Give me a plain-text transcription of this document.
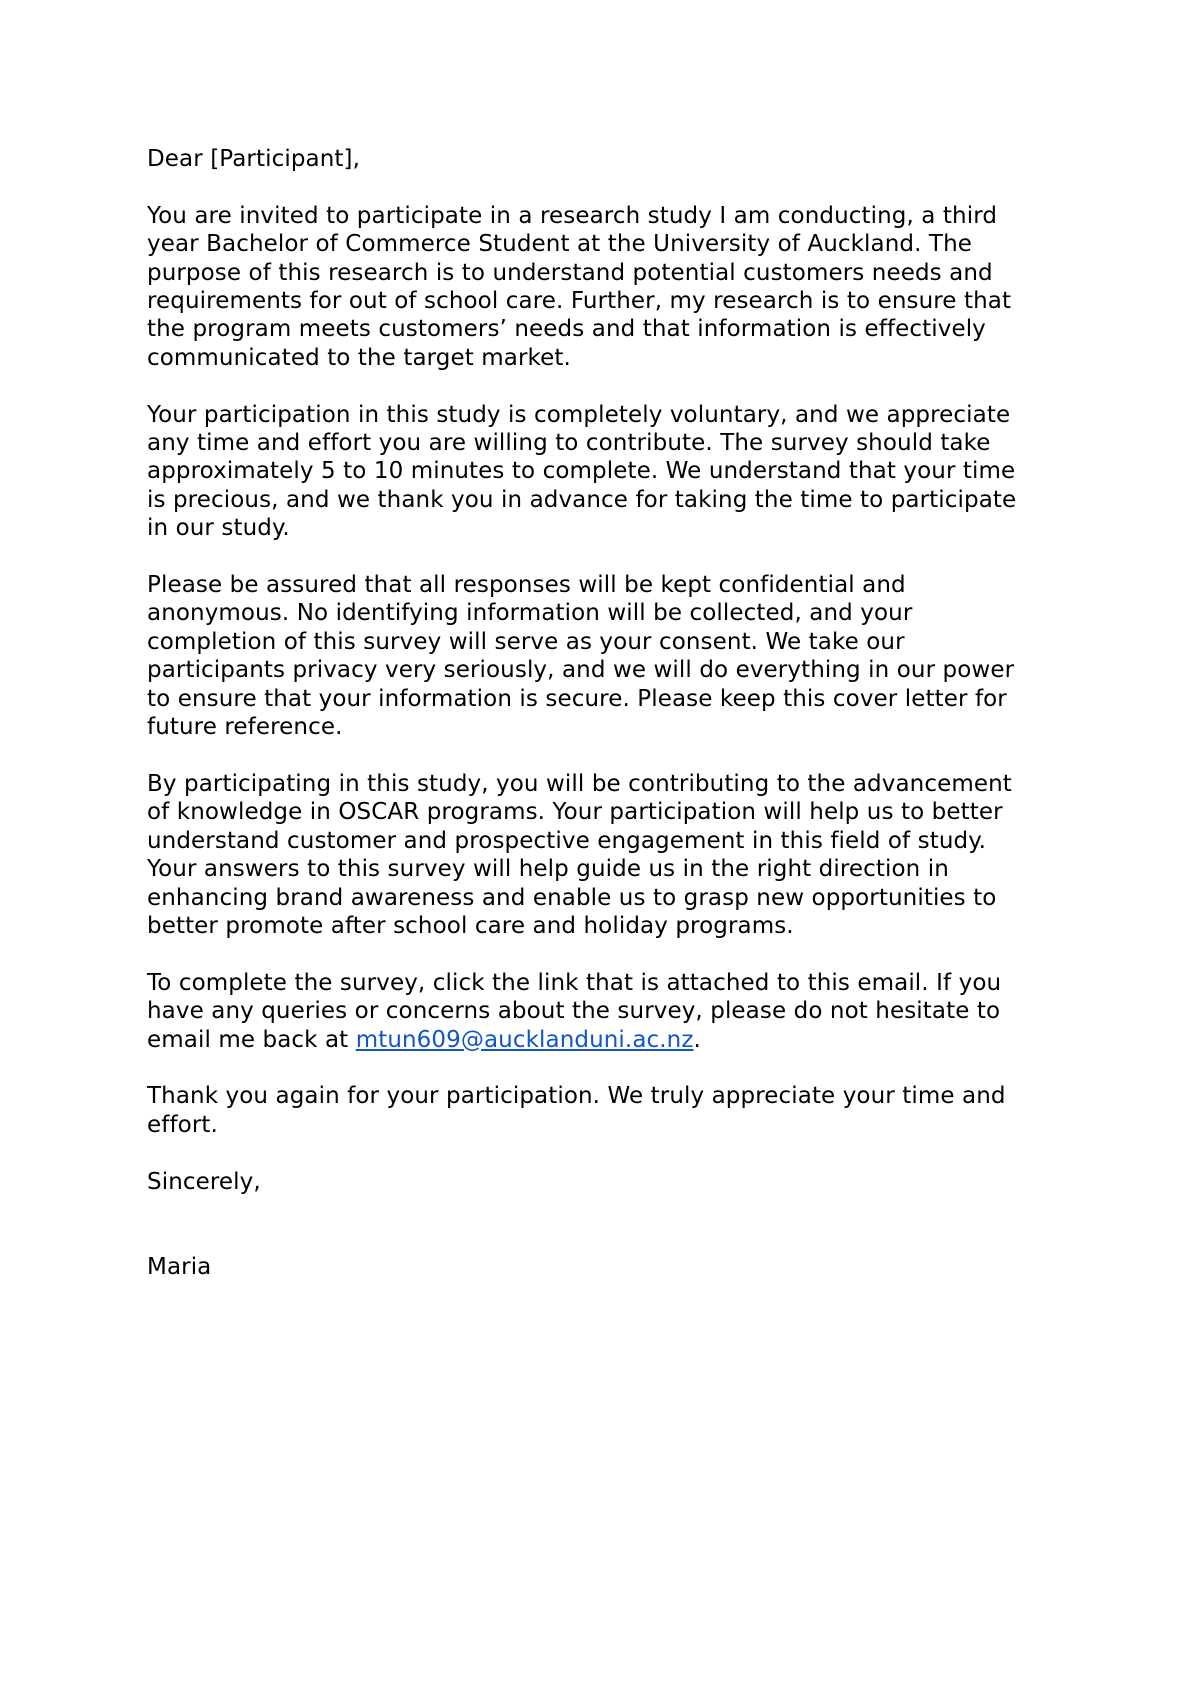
Dear [Participant],

You are invited to participate in a research study I am conducting, a third
year Bachelor of Commerce Student at the University of Auckland. The
purpose of this research is to understand potential customers needs and
requirements for out of school care. Further, my research is to ensure that
the program meets customers’ needs and that information is effectively
communicated to the target market.

Your participation in this study is completely voluntary, and we appreciate
any time and effort you are willing to contribute. The survey should take
approximately 5 to 10 minutes to complete. We understand that your time
is precious, and we thank you in advance for taking the time to participate
in our study.

Please be assured that all responses will be kept confidential and
anonymous. No identifying information will be collected, and your
completion of this survey will serve as your consent. We take our
participants privacy very seriously, and we will do everything in our power
to ensure that your information is secure. Please keep this cover letter for
future reference.

By participating in this study, you will be contributing to the advancement
of knowledge in OSCAR programs. Your participation will help us to better
understand customer and prospective engagement in this field of study.
Your answers to this survey will help guide us in the right direction in
enhancing brand awareness and enable us to grasp new opportunities to
better promote after school care and holiday programs.

To complete the survey, click the link that is attached to this email. If you
have any queries or concerns about the survey, please do not hesitate to
email me back at mtun609@aucklanduni.ac.nz.

Thank you again for your participation. We truly appreciate your time and
effort.

Sincerely,

Maria
